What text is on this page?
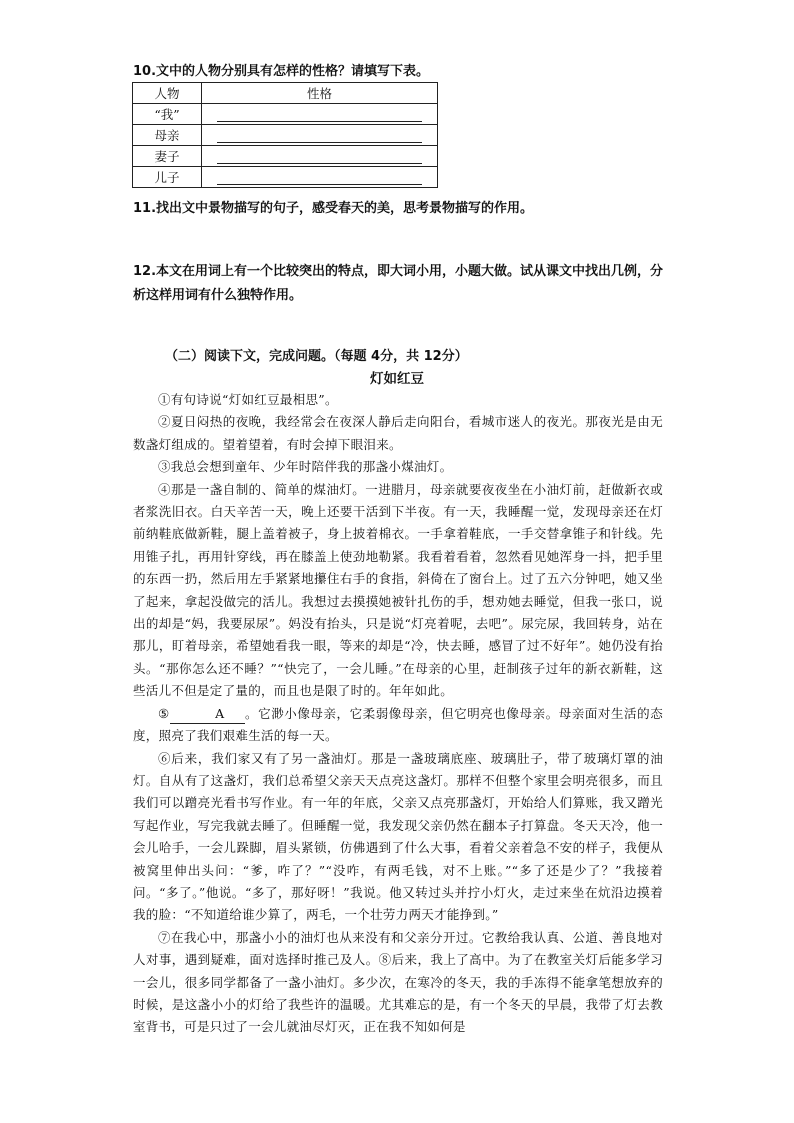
10.文中的人物分别具有怎样的性格？请填写下表。

人物	性格
“我”	
母亲	
妻子	
儿子	

11.找出文中景物描写的句子，感受春天的美，思考景物描写的作用。

12.本文在用词上有一个比较突出的特点，即大词小用，小题大做。试从课文中找出几例，分析这样用词有什么独特作用。

（二）阅读下文，完成问题。（每题 4分，共 12分）

灯如红豆

①有句诗说“灯如红豆最相思”。

②夏日闷热的夜晚，我经常会在夜深人静后走向阳台，看城市迷人的夜光。那夜光是由无数盏灯组成的。望着望着，有时会掉下眼泪来。

③我总会想到童年、少年时陪伴我的那盏小煤油灯。

④那是一盏自制的、简单的煤油灯。一进腊月，母亲就要夜夜坐在小油灯前，赶做新衣或者浆洗旧衣。白天辛苦一天，晚上还要干活到下半夜。有一天，我睡醒一觉，发现母亲还在灯前纳鞋底做新鞋，腿上盖着被子，身上披着棉衣。一手拿着鞋底，一手交替拿锥子和针线。先用锥子扎，再用针穿线，再在膝盖上使劲地勒紧。我看着看着，忽然看见她浑身一抖，把手里的东西一扔，然后用左手紧紧地攥住右手的食指，斜倚在了窗台上。过了五六分钟吧，她又坐了起来，拿起没做完的活儿。我想过去摸摸她被针扎伤的手，想劝她去睡觉，但我一张口，说出的却是“妈，我要尿尿”。妈没有抬头，只是说“灯亮着呢，去吧”。尿完尿，我回转身，站在那儿，盯着母亲，希望她看我一眼，等来的却是“冷，快去睡，感冒了过不好年”。她仍没有抬头。“那你怎么还不睡？”“快完了，一会儿睡。”在母亲的心里，赶制孩子过年的新衣新鞋，这些活儿不但是定了量的，而且也是限了时的。年年如此。

⑤	A 。它渺小像母亲，它柔弱像母亲，但它明亮也像母亲。母亲面对生活的态度，照亮了我们艰难生活的每一天。

⑥后来，我们家又有了另一盏油灯。那是一盏玻璃底座、玻璃肚子，带了玻璃灯罩的油灯。自从有了这盏灯，我们总希望父亲天天点亮这盏灯。那样不但整个家里会明亮很多，而且我们可以蹭亮光看书写作业。有一年的年底，父亲又点亮那盏灯，开始给人们算账，我又蹭光写起作业，写完我就去睡了。但睡醒一觉，我发现父亲仍然在翻本子打算盘。冬天天冷，他一会儿哈手，一会儿跺脚，眉头紧锁，仿佛遇到了什么大事，看着父亲着急不安的样子，我便从被窝里伸出头问：“爹，咋了？”“没咋，有两毛钱，对不上账。”“多了还是少了？”我接着问。“多了。”他说。“多了，那好呀！”我说。他又转过头并拧小灯火，走过来坐在炕沿边摸着我的脸：“不知道给谁少算了，两毛，一个壮劳力两天才能挣到。”

⑦在我心中，那盏小小的油灯也从来没有和父亲分开过。它教给我认真、公道、善良地对人对事，遇到疑难，面对选择时推己及人。⑧后来，我上了高中。为了在教室关灯后能多学习一会儿，很多同学都备了一盏小油灯。多少次，在寒冷的冬天，我的手冻得不能拿笔想放弃的时候，是这盏小小的灯给了我些许的温暖。尤其难忘的是，有一个冬天的早晨，我带了灯去教室背书，可是只过了一会儿就油尽灯灭，正在我不知如何是
